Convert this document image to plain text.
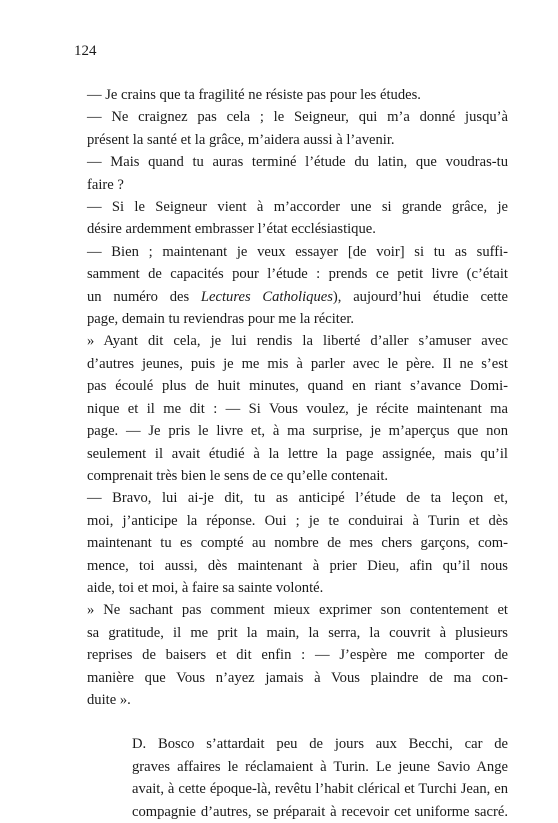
124

— Je crains que ta fragilité ne résiste pas pour les études.

— Ne craignez pas cela ; le Seigneur, qui m’a donné jusqu’à
présent la santé et la grâce, m’aidera aussi à l’avenir.

— Mais quand tu auras terminé l’étude du latin, que voudras-tu
faire ?

— Si le Seigneur vient à m’accorder une si grande grâce, je
désire ardemment embrasser l’état ecclésiastique.

— Bien ; maintenant je veux essayer [de voir] si tu as suffi-
samment de capacités pour l’étude : prends ce petit livre (c’était
un numéro des Lectures Catholiques), aujourd’hui étudie cette
page, demain tu reviendras pour me la réciter.

» Ayant dit cela, je lui rendis la liberté d’aller s’amuser avec
d’autres jeunes, puis je me mis à parler avec le père. Il ne s’est
pas écoulé plus de huit minutes, quand en riant s’avance Domi-
nique et il me dit : — Si Vous voulez, je récite maintenant ma
page. — Je pris le livre et, à ma surprise, je m’aperçus que non
seulement il avait étudié à la lettre la page assignée, mais qu’il
comprenait très bien le sens de ce qu’elle contenait.

— Bravo, lui ai-je dit, tu as anticipé l’étude de ta leçon et,
moi, j’anticipe la réponse. Oui ; je te conduirai à Turin et dès
maintenant tu es compté au nombre de mes chers garçons, com-
mence, toi aussi, dès maintenant à prier Dieu, afin qu’il nous
aide, toi et moi, à faire sa sainte volonté.

» Ne sachant pas comment mieux exprimer son contentement et
sa gratitude, il me prit la main, la serra, la couvrit à plusieurs
reprises de baisers et dit enfin : — J’espère me comporter de
manière que Vous n’ayez jamais à Vous plaindre de ma con-
duite ».

D. Bosco s’attardait peu de jours aux Becchi, car de
graves affaires le réclamaient à Turin. Le jeune Savio Ange
avait, à cette époque-là, revêtu l’habit clérical et Turchi Jean, en
compagnie d’autres, se préparait à recevoir cet uniforme sacré.
